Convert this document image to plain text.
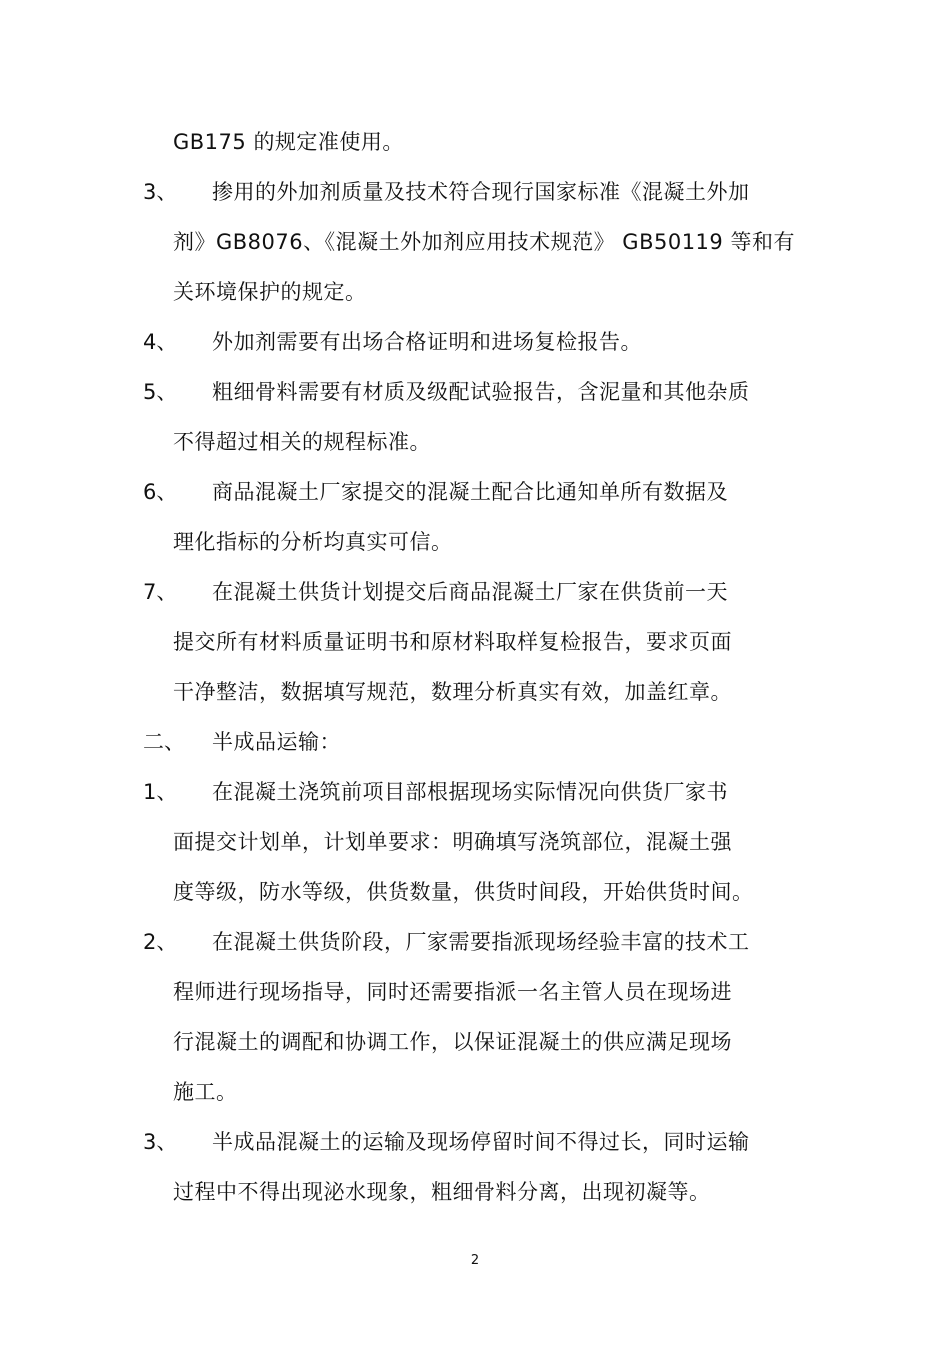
GB175 的规定准使用。
3、 掺用的外加剂质量及技术符合现行国家标准《混凝土外加
剂》GB8076、《混凝土外加剂应用技术规范》 GB50119 等和有
关环境保护的规定。
4、 外加剂需要有出场合格证明和进场复检报告。
5、 粗细骨料需要有材质及级配试验报告，含泥量和其他杂质
不得超过相关的规程标准。
6、 商品混凝土厂家提交的混凝土配合比通知单所有数据及
理化指标的分析均真实可信。
7、 在混凝土供货计划提交后商品混凝土厂家在供货前一天
提交所有材料质量证明书和原材料取样复检报告，要求页面
干净整洁，数据填写规范，数理分析真实有效，加盖红章。
二、 半成品运输：
1、 在混凝土浇筑前项目部根据现场实际情况向供货厂家书
面提交计划单，计划单要求：明确填写浇筑部位，混凝土强
度等级，防水等级，供货数量，供货时间段，开始供货时间。
2、 在混凝土供货阶段，厂家需要指派现场经验丰富的技术工
程师进行现场指导，同时还需要指派一名主管人员在现场进
行混凝土的调配和协调工作，以保证混凝土的供应满足现场
施工。
3、 半成品混凝土的运输及现场停留时间不得过长，同时运输
过程中不得出现泌水现象，粗细骨料分离，出现初凝等。
2
